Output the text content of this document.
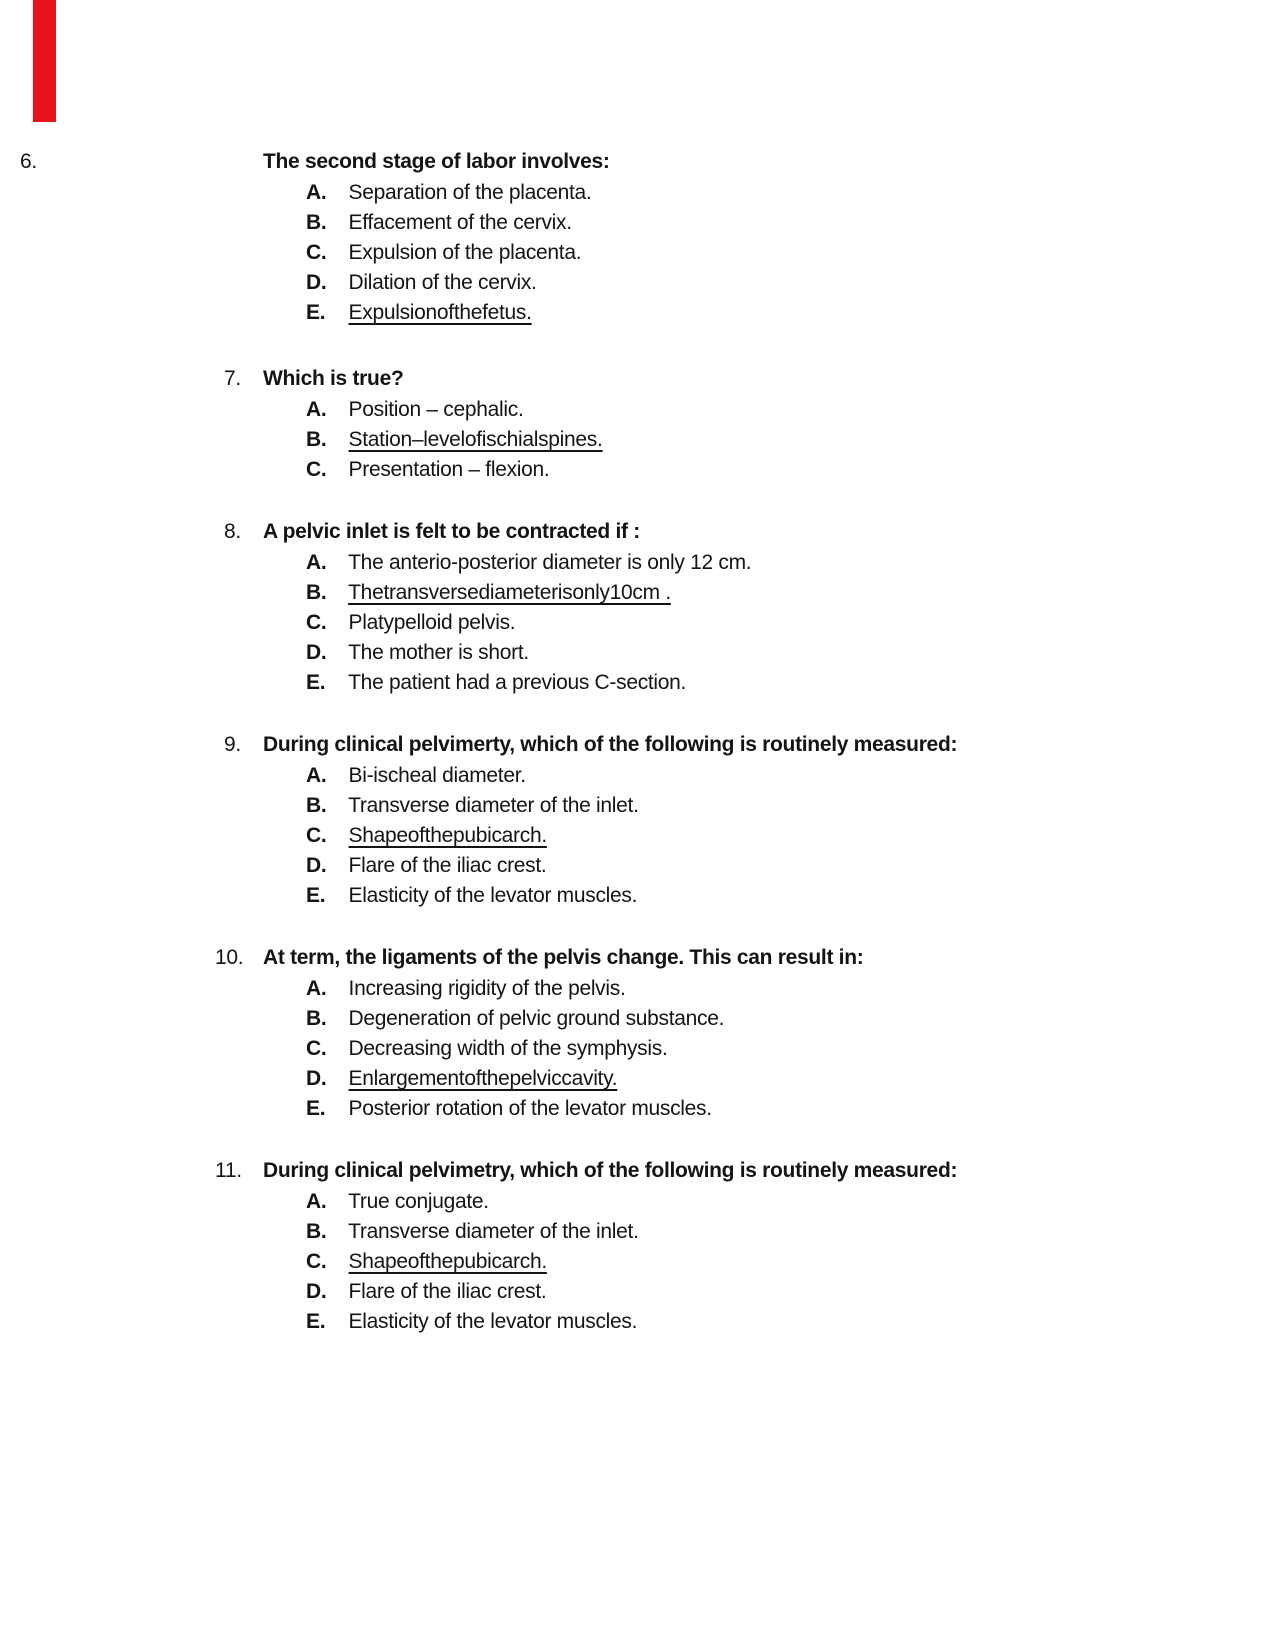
6.	The second stage of labor involves:
A. Separation of the placenta.
B. Effacement of the cervix.
C. Expulsion of the placenta.
D. Dilation of the cervix.
E. Expulsionofthefetus.
7. Which is true?
A. Position – cephalic.
B. Station–levelofischialspines.
C. Presentation – flexion.
8. A pelvic inlet is felt to be contracted if :
A. The anterio-posterior diameter is only 12 cm.
B. Thetransversediameterisonly10cm .
C. Platypelloid pelvis.
D. The mother is short.
E. The patient had a previous C-section.
9. During clinical pelvimerty, which of the following is routinely measured:
A. Bi-ischeal diameter.
B. Transverse diameter of the inlet.
C. Shapeofthepubicarch.
D. Flare of the iliac crest.
E. Elasticity of the levator muscles.
10. At term, the ligaments of the pelvis change. This can result in:
A. Increasing rigidity of the pelvis.
B. Degeneration of pelvic ground substance.
C. Decreasing width of the symphysis.
D. Enlargementofthepelviccavity.
E. Posterior rotation of the levator muscles.
11. During clinical pelvimetry, which of the following is routinely measured:
A. True conjugate.
B. Transverse diameter of the inlet.
C. Shapeofthepubicarch.
D. Flare of the iliac crest.
E. Elasticity of the levator muscles.
